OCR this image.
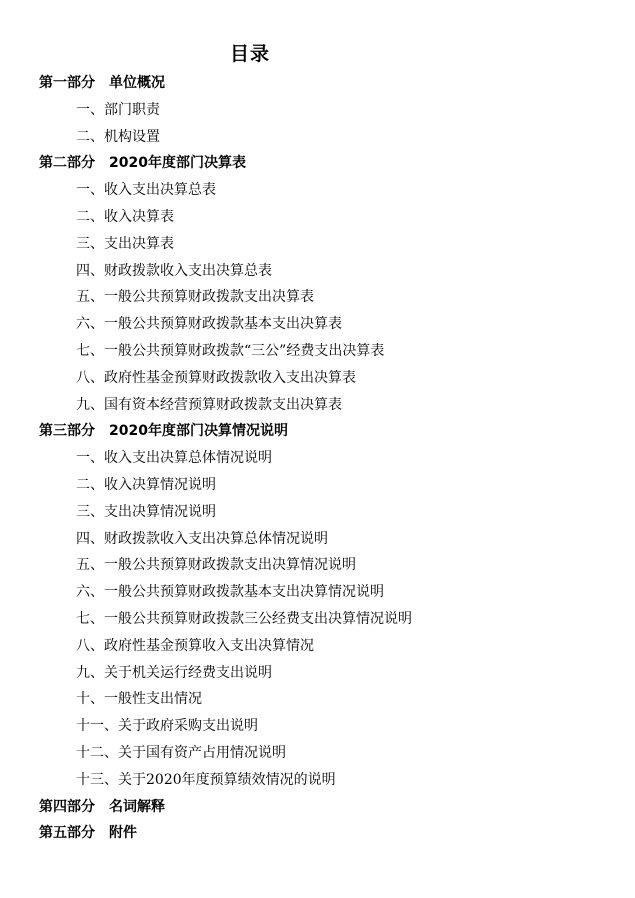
目录
第一部分 单位概况
一、部门职责
二、机构设置
第二部分 2020年度部门决算表
一、收入支出决算总表
二、收入决算表
三、支出决算表
四、财政拨款收入支出决算总表
五、一般公共预算财政拨款支出决算表
六、一般公共预算财政拨款基本支出决算表
七、一般公共预算财政拨款“三公”经费支出决算表
八、政府性基金预算财政拨款收入支出决算表
九、国有资本经营预算财政拨款支出决算表
第三部分 2020年度部门决算情况说明
一、收入支出决算总体情况说明
二、收入决算情况说明
三、支出决算情况说明
四、财政拨款收入支出决算总体情况说明
五、一般公共预算财政拨款支出决算情况说明
六、一般公共预算财政拨款基本支出决算情况说明
七、一般公共预算财政拨款三公经费支出决算情况说明
八、政府性基金预算收入支出决算情况
九、关于机关运行经费支出说明
十、一般性支出情况
十一、关于政府采购支出说明
十二、关于国有资产占用情况说明
十三、关于2020年度预算绩效情况的说明
第四部分 名词解释
第五部分 附件
